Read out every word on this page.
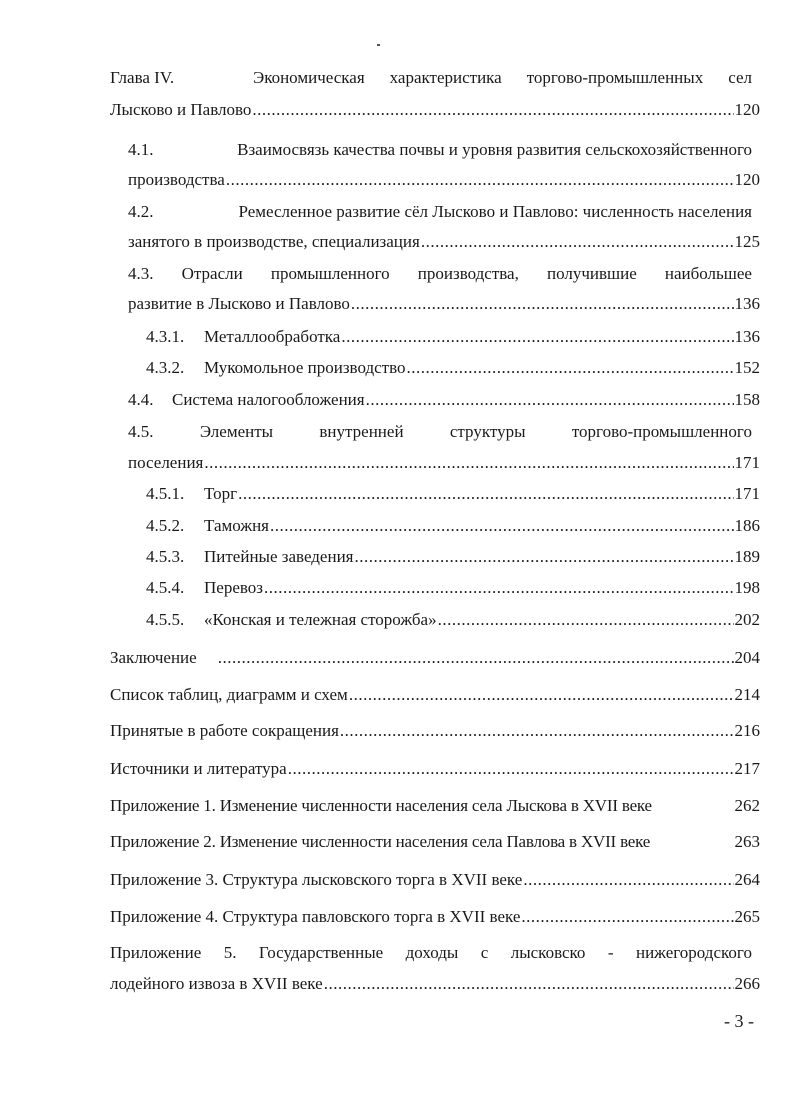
Глава IV.	Экономическая характеристика торгово-промышленных сел
Лысково и Павлово .....	120
4.1.	Взаимосвязь качества почвы и уровня развития сельскохозяйственного
производства .....	120
4.2.	Ремесленное развитие сёл Лысково и Павлово: численность населения
занятого в производстве, специализация .....	125
4.3. Отрасли промышленного производства, получившие наибольшее
развитие в Лысково и Павлово .....	136
4.3.1.	Металлообработка .....	136
4.3.2.	Мукомольное производство .....	152
4.4.	Система налогообложения .....	158
4.5.	Элементы	внутренней	структуры	торгово-промышленного
поселения .....	171
4.5.1.	Торг .....	171
4.5.2.	Таможня .....	186
4.5.3.	Питейные заведения .....	189
4.5.4.	Перевоз .....	198
4.5.5.	«Конская и тележная сторожба» .....	202
Заключение .....	204
Список таблиц, диаграмм и схем .....	214
Принятые в работе сокращения .....	216
Источники и литература .....	217
Приложение 1. Изменение численности населения села Лыскова в XVII веке	262
Приложение 2. Изменение численности населения села Павлова в XVII веке	263
Приложение 3. Структура лысковского торга в XVII веке .....	264
Приложение 4. Структура павловского торга в XVII веке .....	265
Приложение 5. Государственные доходы с лысковско - нижегородского
лодейного извоза в XVII веке .....	266
- 3 -
